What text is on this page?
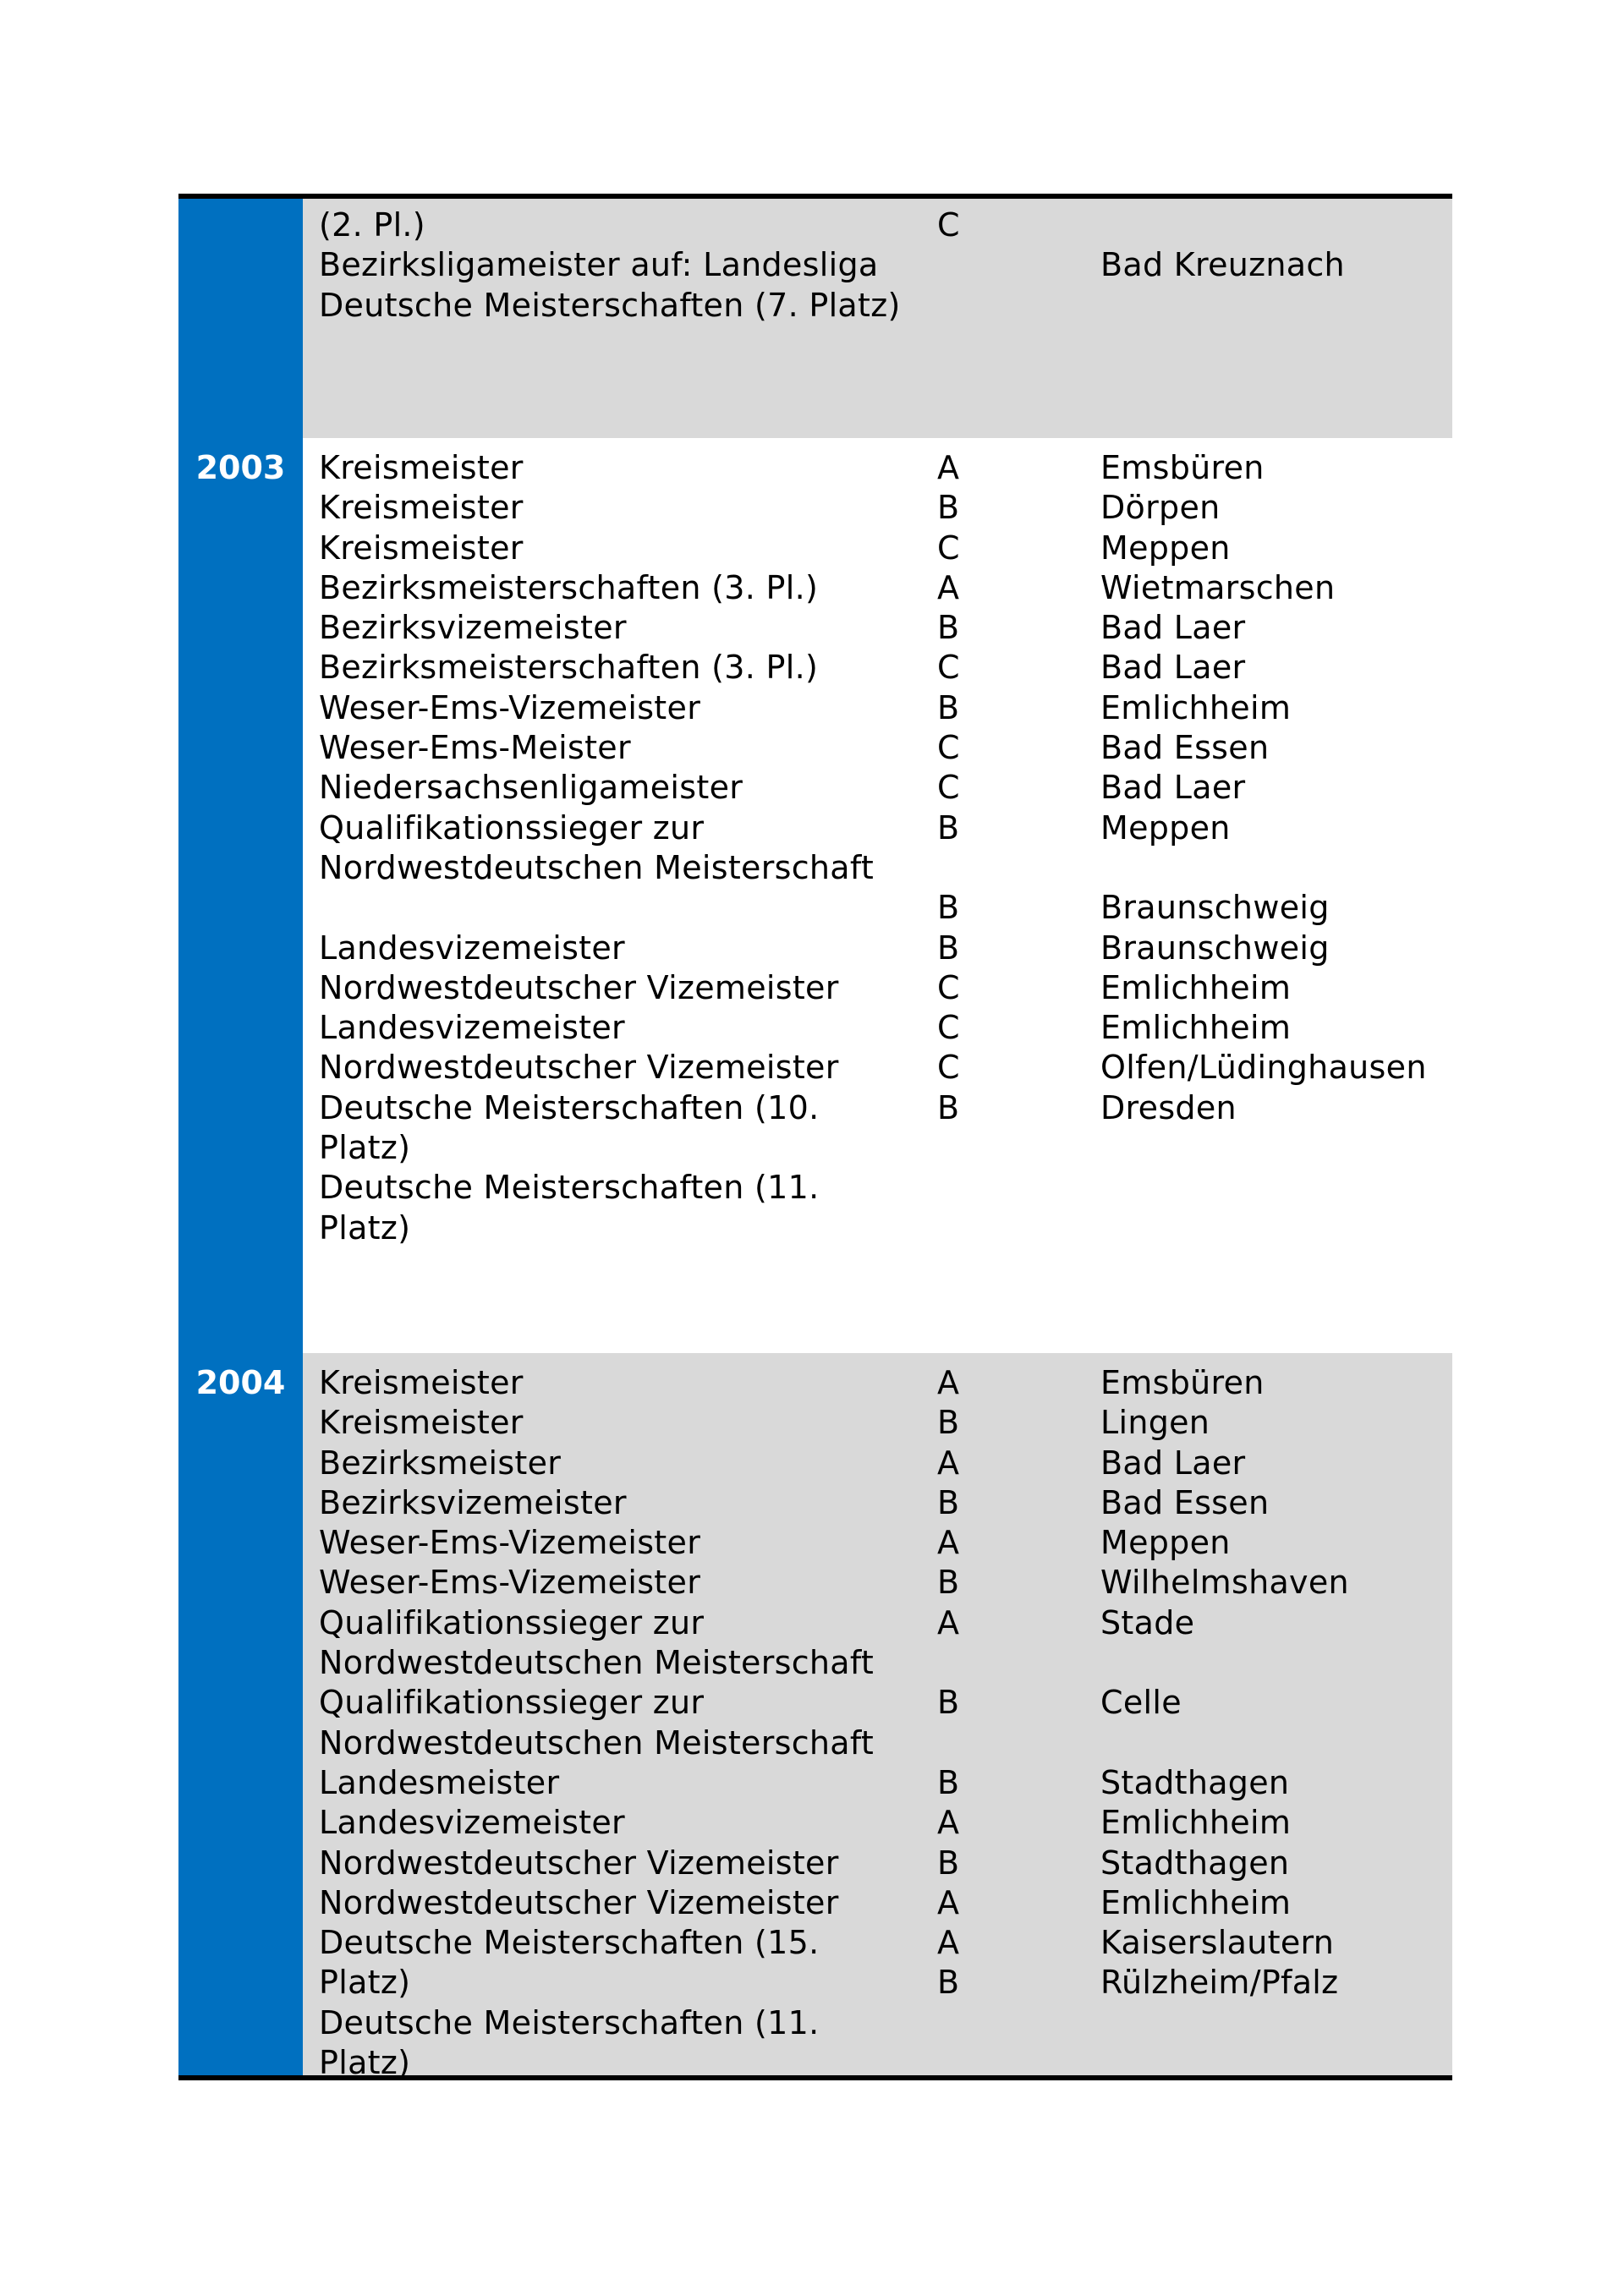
(2. Pl.)
Bezirksligameister auf: Landesliga
Deutsche Meisterschaften (7. Platz)
C

Bad Kreuznach
2003	Kreismeister
Kreismeister
Kreismeister
Bezirksmeisterschaften (3. Pl.)
Bezirksvizemeister
Bezirksmeisterschaften (3. Pl.)
Weser-Ems-Vizemeister
Weser-Ems-Meister
Niedersachsenligameister
Qualifikationssieger zur
Nordwestdeutschen Meisterschaft

Landesvizemeister
Nordwestdeutscher Vizemeister
Landesvizemeister
Nordwestdeutscher Vizemeister
Deutsche Meisterschaften (10.
Platz)
Deutsche Meisterschaften (11.
Platz)
A
B
C
A
B
C
B
C
C
B

B
B
C
C
C
B
Emsbüren
Dörpen
Meppen
Wietmarschen
Bad Laer
Bad Laer
Emlichheim
Bad Essen
Bad Laer
Meppen

Braunschweig
Braunschweig
Emlichheim
Emlichheim
Olfen/Lüdinghausen
Dresden
2004	Kreismeister
Kreismeister
Bezirksmeister
Bezirksvizemeister
Weser-Ems-Vizemeister
Weser-Ems-Vizemeister
Qualifikationssieger zur
Nordwestdeutschen Meisterschaft
Qualifikationssieger zur
Nordwestdeutschen Meisterschaft
Landesmeister
Landesvizemeister
Nordwestdeutscher Vizemeister
Nordwestdeutscher Vizemeister
Deutsche Meisterschaften (15.
Platz)
Deutsche Meisterschaften (11.
Platz)
A
B
A
B
A
B
A

B

B
A
B
A
A
B
Emsbüren
Lingen
Bad Laer
Bad Essen
Meppen
Wilhelmshaven
Stade

Celle

Stadthagen
Emlichheim
Stadthagen
Emlichheim
Kaiserslautern
Rülzheim/Pfalz
